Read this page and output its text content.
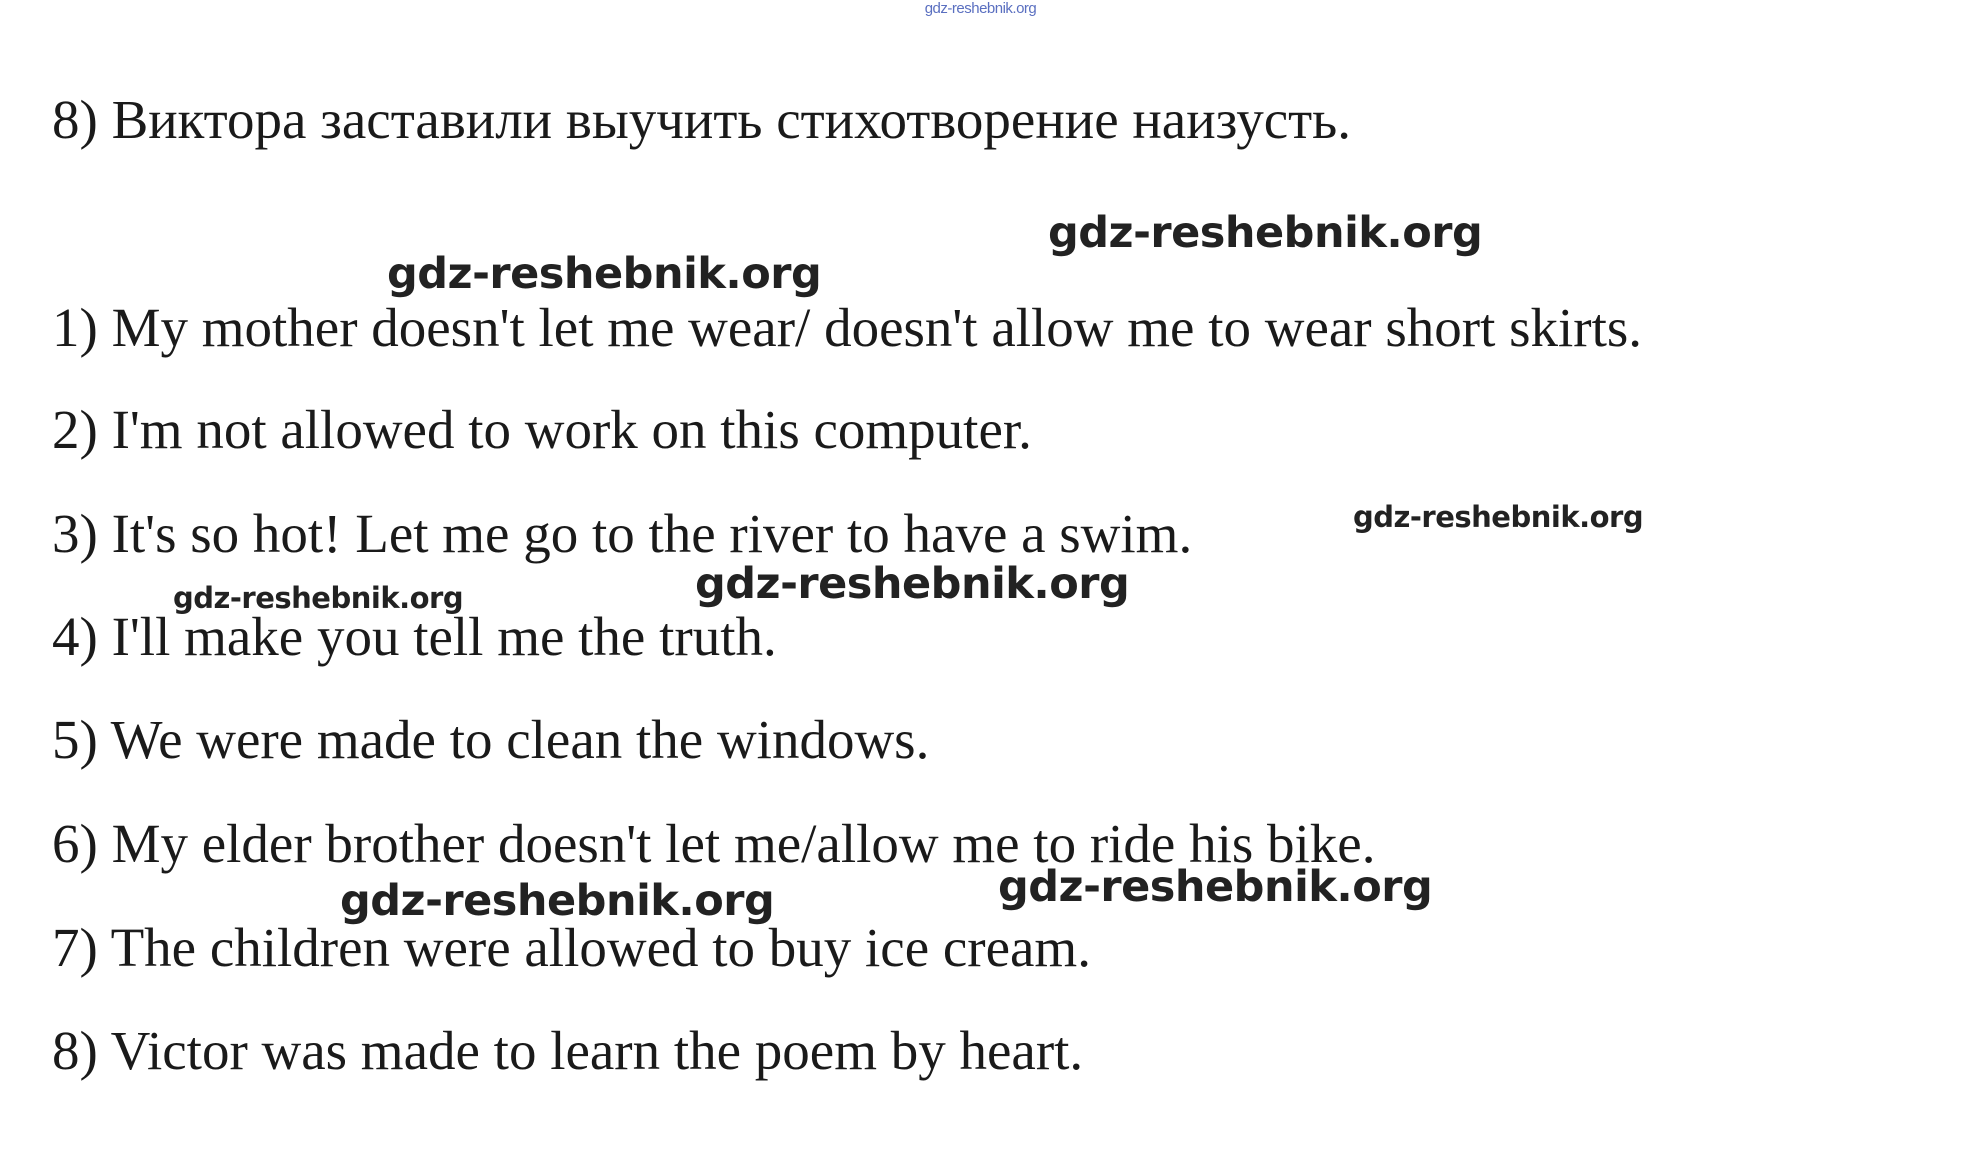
gdz-reshebnik.org
8) Виктора заставили выучить стихотворение наизусть.
1) My mother doesn't let me wear/ doesn't allow me to wear short skirts.
2) I'm not allowed to work on this computer.
3) It's so hot! Let me go to the river to have a swim.
4) I'll make you tell me the truth.
5) We were made to clean the windows.
6) My elder brother doesn't let me/allow me to ride his bike.
7) The children were allowed to buy ice cream.
8) Victor was made to learn the poem by heart.
gdz-reshebnik.org
gdz-reshebnik.org
gdz-reshebnik.org
gdz-reshebnik.org
gdz-reshebnik.org
gdz-reshebnik.org
gdz-reshebnik.org
